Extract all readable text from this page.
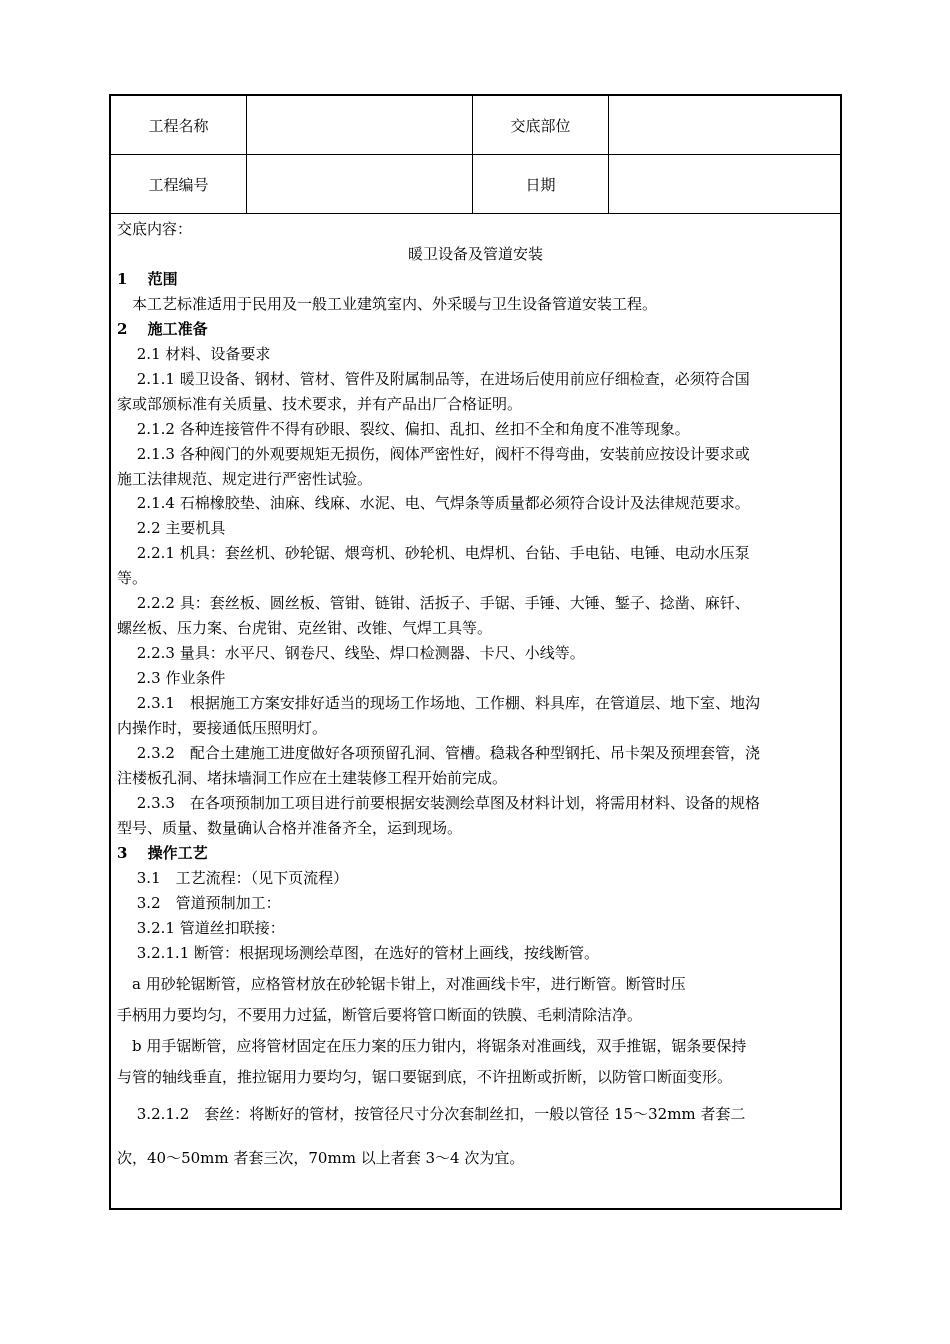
工程名称	交底部位
工程编号	日期
交底内容：
暖卫设备及管道安装
1　 范围
　本工艺标准适用于民用及一般工业建筑室内、外采暖与卫生设备管道安装工程。
2　 施工准备
　 2.1 材料、设备要求
　 2.1.1 暖卫设备、钢材、管材、管件及附属制品等，在进场后使用前应仔细检查，必须符合国
家或部颁标准有关质量、技术要求，并有产品出厂合格证明。
　 2.1.2 各种连接管件不得有砂眼、裂纹、偏扣、乱扣、丝扣不全和角度不准等现象。
　 2.1.3 各种阀门的外观要规矩无损伤，阀体严密性好，阀杆不得弯曲，安装前应按设计要求或
施工法律规范、规定进行严密性试验。
　 2.1.4 石棉橡胶垫、油麻、线麻、水泥、电、气焊条等质量都必须符合设计及法律规范要求。
　 2.2 主要机具
　 2.2.1 机具：套丝机、砂轮锯、煨弯机、砂轮机、电焊机、台钻、手电钻、电锤、电动水压泵
等。
　 2.2.2 具：套丝板、圆丝板、管钳、链钳、活扳子、手锯、手锤、大锤、錾子、捻凿、麻钎、
螺丝板、压力案、台虎钳、克丝钳、改锥、气焊工具等。
　 2.2.3 量具：水平尺、钢卷尺、线坠、焊口检测器、卡尺、小线等。
　 2.3 作业条件
　 2.3.1　根据施工方案安排好适当的现场工作场地、工作棚、料具库，在管道层、地下室、地沟
内操作时，要接通低压照明灯。
　 2.3.2　配合土建施工进度做好各项预留孔洞、管槽。稳栽各种型钢托、吊卡架及预埋套管，浇
注楼板孔洞、堵抹墙洞工作应在土建装修工程开始前完成。
　 2.3.3　在各项预制加工项目进行前要根据安装测绘草图及材料计划，将需用材料、设备的规格
型号、质量、数量确认合格并准备齐全，运到现场。
3　 操作工艺
　 3.1　工艺流程：（见下页流程）
　 3.2　管道预制加工：
　 3.2.1 管道丝扣联接：
　 3.2.1.1 断管：根据现场测绘草图，在选好的管材上画线，按线断管。
　a 用砂轮锯断管，应格管材放在砂轮锯卡钳上，对准画线卡牢，进行断管。断管时压
手柄用力要均匀，不要用力过猛，断管后要将管口断面的铁膜、毛刺清除洁净。
　b 用手锯断管，应将管材固定在压力案的压力钳内，将锯条对准画线，双手推锯，锯条要保持
与管的轴线垂直，推拉锯用力要均匀，锯口要锯到底，不许扭断或折断，以防管口断面变形。
　 3.2.1.2　套丝：将断好的管材，按管径尺寸分次套制丝扣，一般以管径 15～32mm 者套二
次，40～50mm 者套三次，70mm 以上者套 3～4 次为宜。
